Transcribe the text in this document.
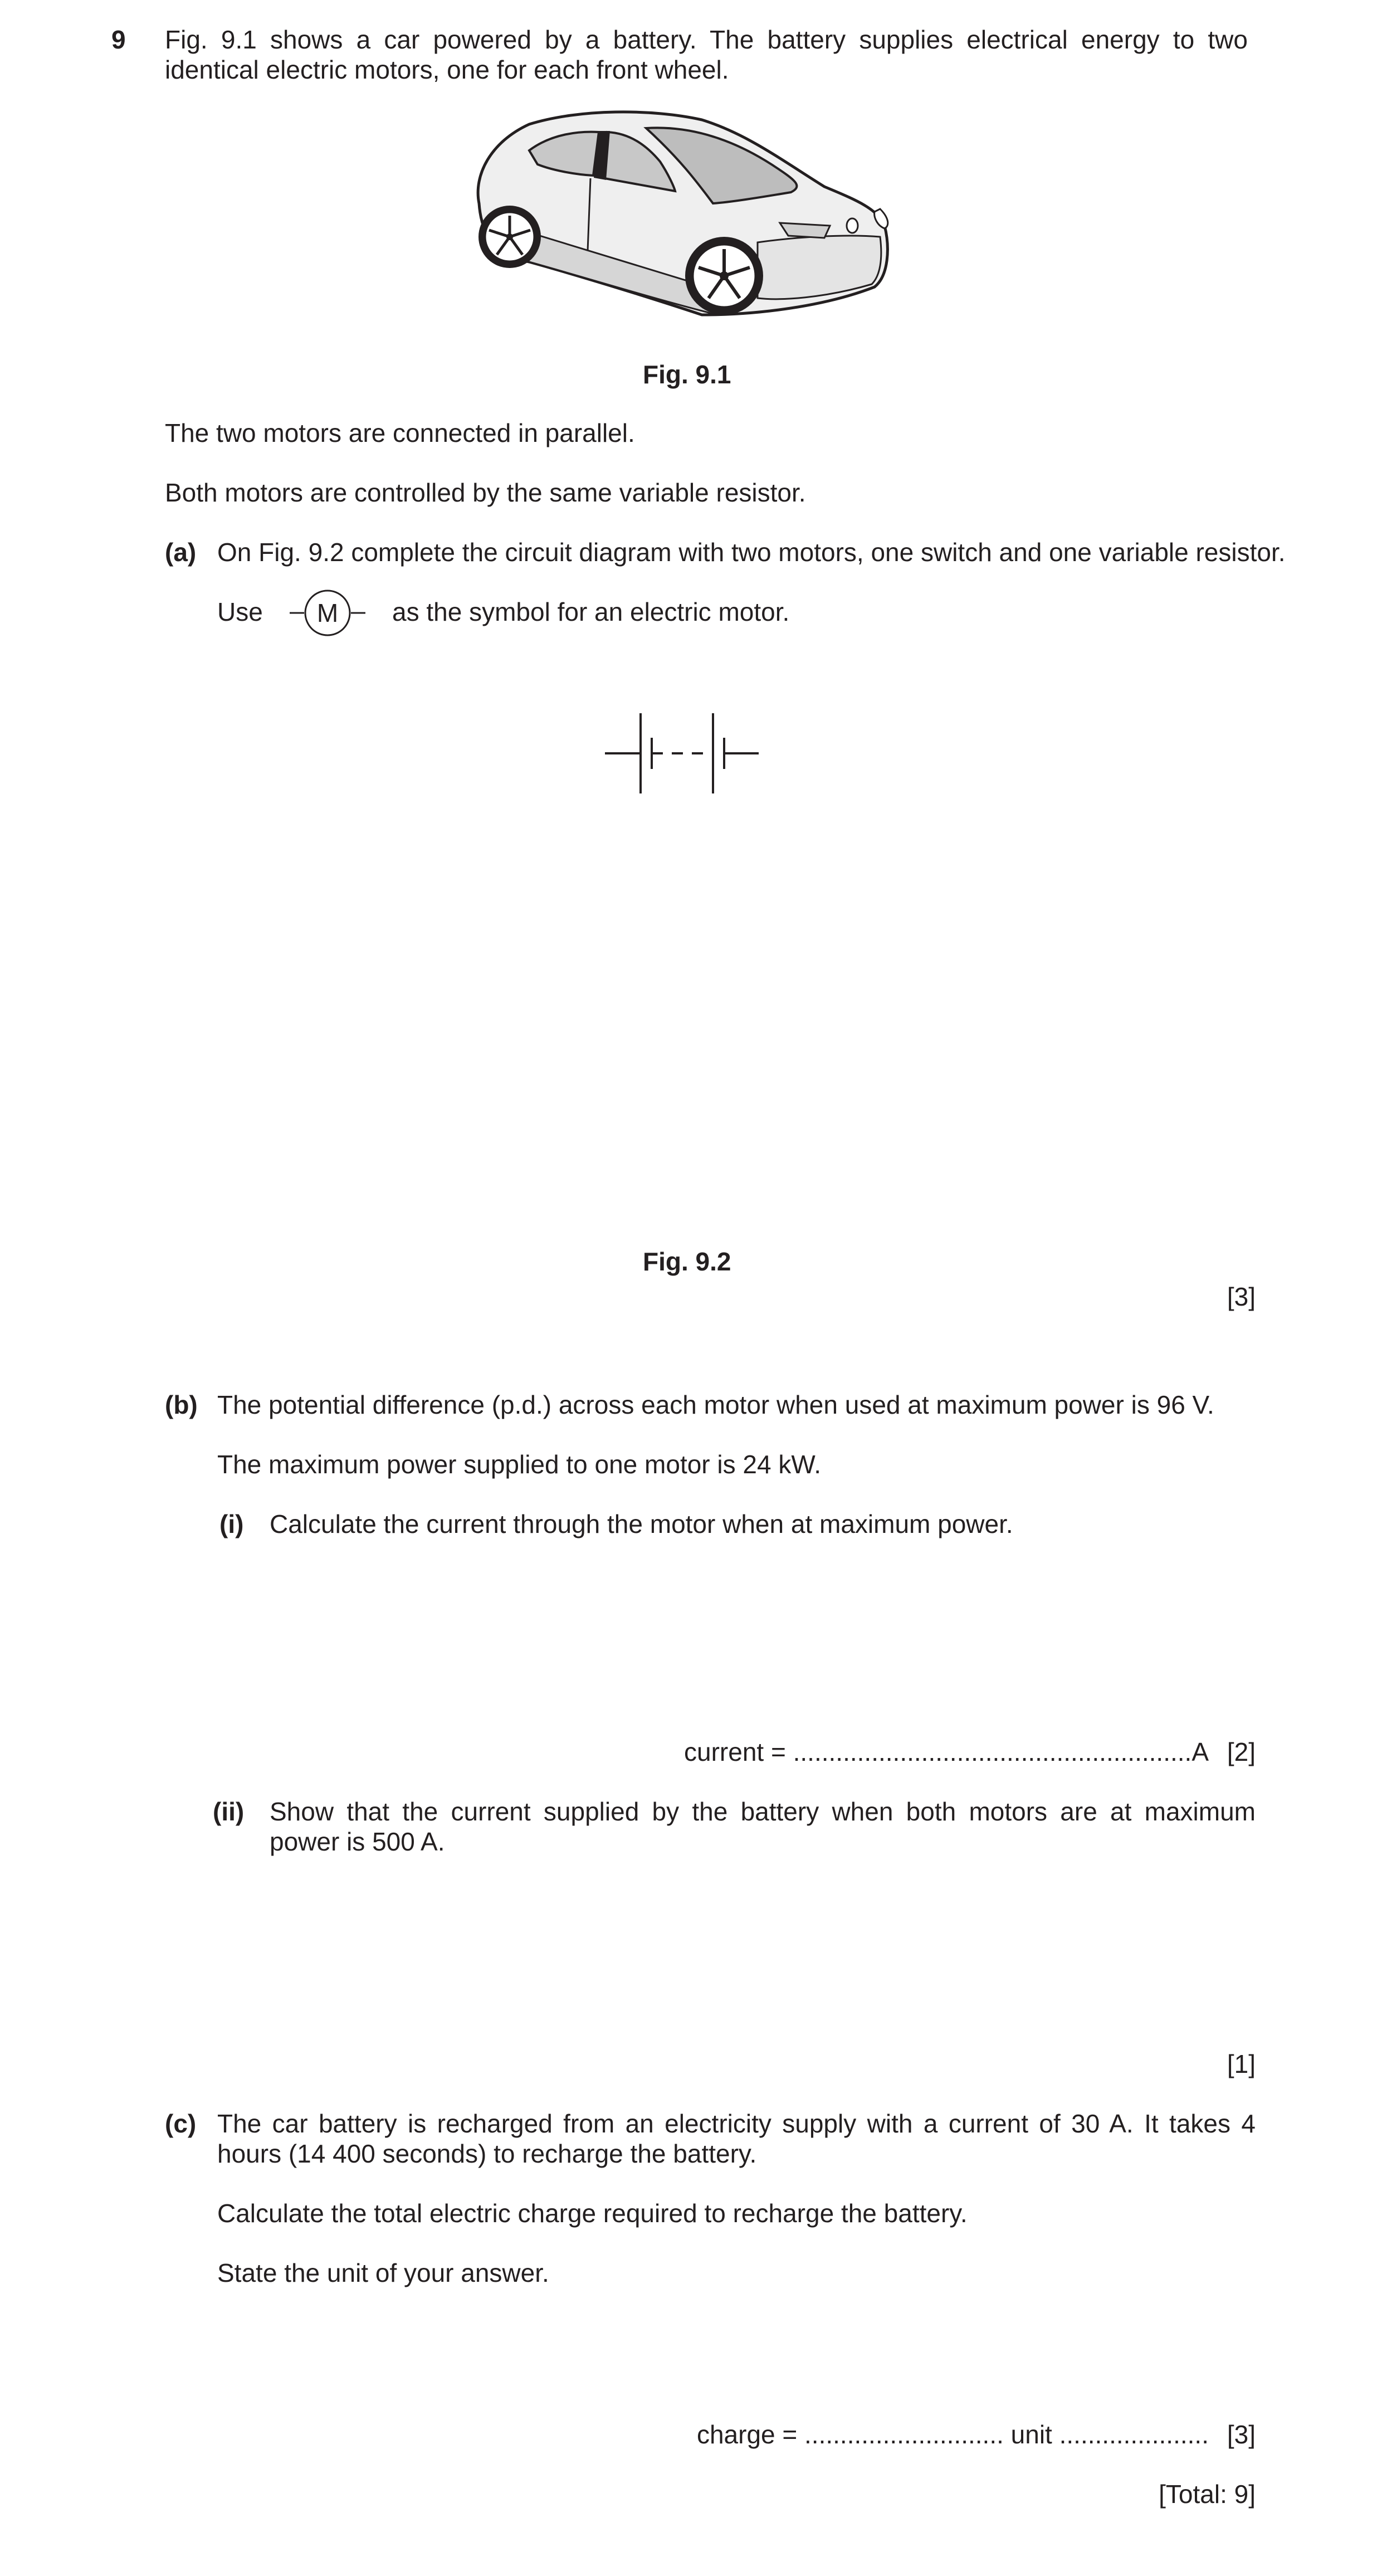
9 Fig. 9.1 shows a car powered by a battery. The battery supplies electrical energy to two identical electric motors, one for each front wheel.
Fig. 9.1
The two motors are connected in parallel.
Both motors are controlled by the same variable resistor.
(a) On Fig. 9.2 complete the circuit diagram with two motors, one switch and one variable resistor.
Use	M	as the symbol for an electric motor.
Fig. 9.2
[3]
(b) The potential difference (p.d.) across each motor when used at maximum power is 96 V.
The maximum power supplied to one motor is 24 kW.
(i) Calculate the current through the motor when at maximum power.
current = ........................................................A [2]
(ii) Show that the current supplied by the battery when both motors are at maximum power is 500 A.
[1]
(c) The car battery is recharged from an electricity supply with a current of 30 A. It takes 4 hours (14 400 seconds) to recharge the battery.
Calculate the total electric charge required to recharge the battery.
State the unit of your answer.
charge = ............................ unit ..................... [3]
[Total: 9]
